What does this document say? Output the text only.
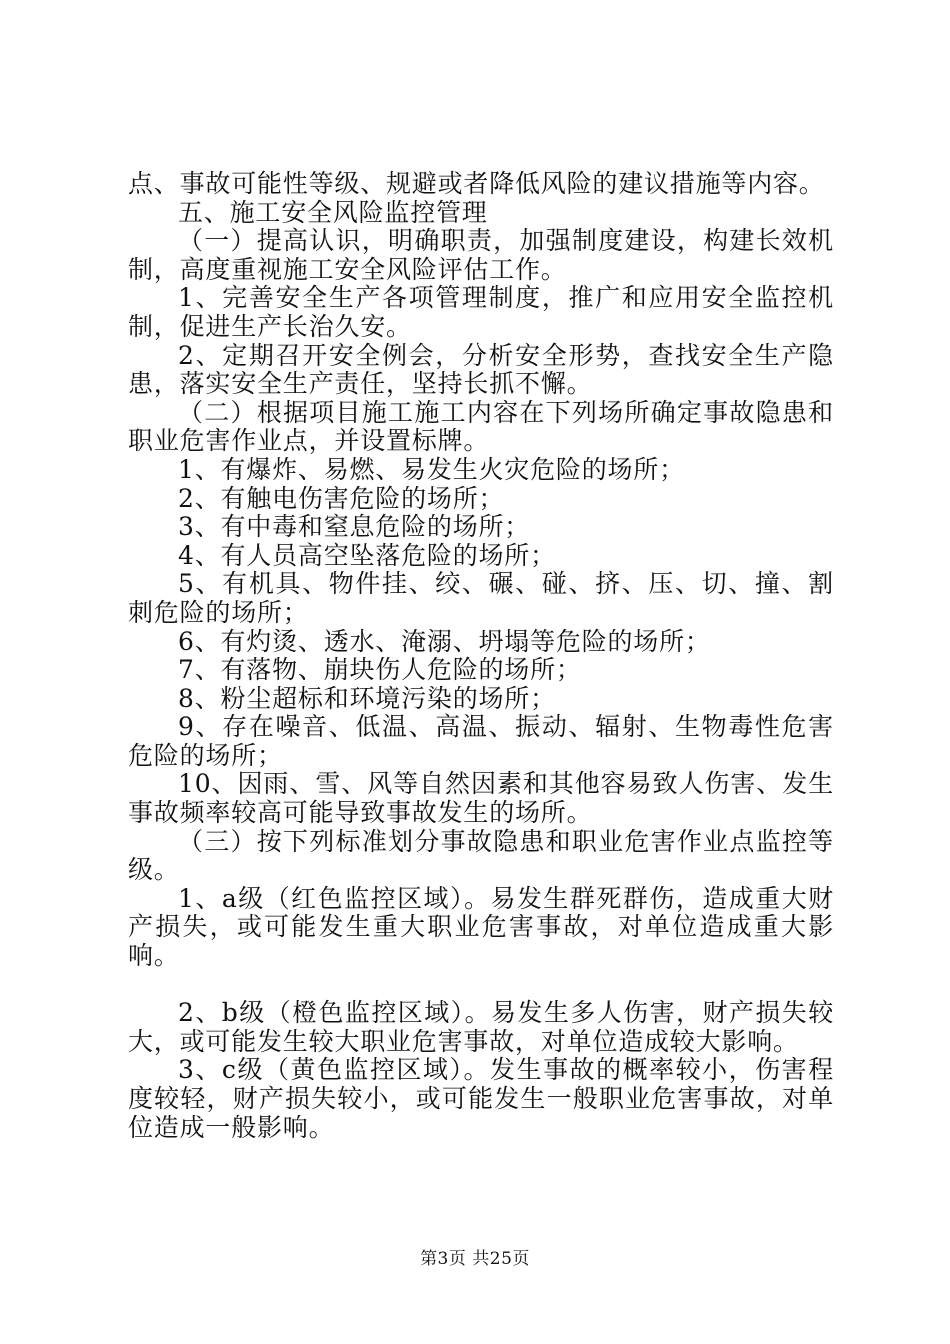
点、事故可能性等级、规避或者降低风险的建议措施等内容。

五、施工安全风险监控管理

（一）提高认识，明确职责，加强制度建设，构建长效机制，高度重视施工安全风险评估工作。

1、完善安全生产各项管理制度，推广和应用安全监控机制，促进生产长治久安。

2、定期召开安全例会，分析安全形势，查找安全生产隐患，落实安全生产责任，坚持长抓不懈。

（二）根据项目施工施工内容在下列场所确定事故隐患和职业危害作业点，并设置标牌。

1、有爆炸、易燃、易发生火灾危险的场所；

2、有触电伤害危险的场所；

3、有中毒和窒息危险的场所；

4、有人员高空坠落危险的场所；

5、有机具、物件挂、绞、碾、碰、挤、压、切、撞、割刺危险的场所；

6、有灼烫、透水、淹溺、坍塌等危险的场所；

7、有落物、崩块伤人危险的场所；

8、粉尘超标和环境污染的场所；

9、存在噪音、低温、高温、振动、辐射、生物毒性危害危险的场所；

10、因雨、雪、风等自然因素和其他容易致人伤害、发生事故频率较高可能导致事故发生的场所。

（三）按下列标准划分事故隐患和职业危害作业点监控等级。

1、a级（红色监控区域）。易发生群死群伤，造成重大财产损失，或可能发生重大职业危害事故，对单位造成重大影响。

2、b级（橙色监控区域）。易发生多人伤害，财产损失较大，或可能发生较大职业危害事故，对单位造成较大影响。

3、c级（黄色监控区域）。发生事故的概率较小，伤害程度较轻，财产损失较小，或可能发生一般职业危害事故，对单位造成一般影响。

第3页 共25页
